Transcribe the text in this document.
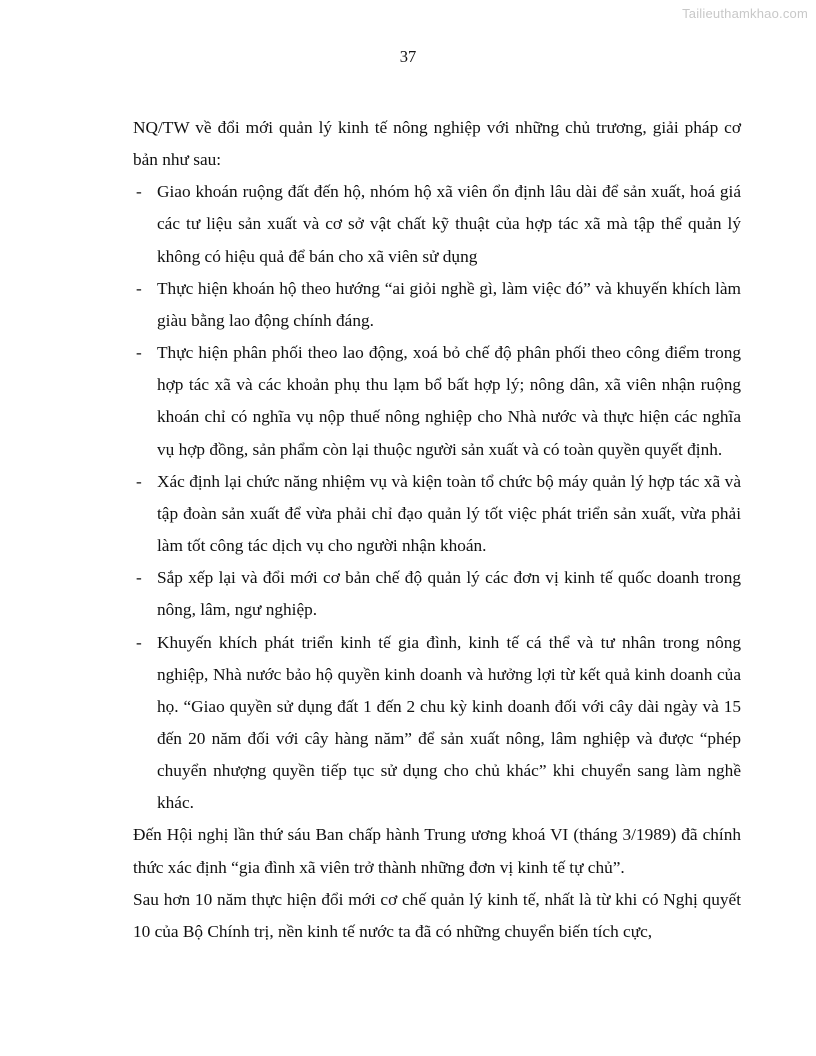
Tailieuthamkhao.com
37

NQ/TW về đổi mới quản lý kinh tế nông nghiệp với những chủ trương, giải pháp cơ bản như sau:

- Giao khoán ruộng đất đến hộ, nhóm hộ xã viên ổn định lâu dài để sản xuất, hoá giá các tư liệu sản xuất và cơ sở vật chất kỹ thuật của hợp tác xã mà tập thể quản lý không có hiệu quả để bán cho xã viên sử dụng
- Thực hiện khoán hộ theo hướng “ai giỏi nghề gì, làm việc đó” và khuyến khích làm giàu bằng lao động chính đáng.
- Thực hiện phân phối theo lao động, xoá bỏ chế độ phân phối theo công điểm trong hợp tác xã và các khoản phụ thu lạm bổ bất hợp lý; nông dân, xã viên nhận ruộng khoán chỉ có nghĩa vụ nộp thuế nông nghiệp cho Nhà nước và thực hiện các nghĩa vụ hợp đồng, sản phẩm còn lại thuộc người sản xuất và có toàn quyền quyết định.
- Xác định lại chức năng nhiệm vụ và kiện toàn tổ chức bộ máy quản lý hợp tác xã và tập đoàn sản xuất để vừa phải chỉ đạo quản lý tốt việc phát triển sản xuất, vừa phải làm tốt công tác dịch vụ cho người nhận khoán.
- Sắp xếp lại và đổi mới cơ bản chế độ quản lý các đơn vị kinh tế quốc doanh trong nông, lâm, ngư nghiệp.
- Khuyến khích phát triển kinh tế gia đình, kinh tế cá thể và tư nhân trong nông nghiệp, Nhà nước bảo hộ quyền kinh doanh và hưởng lợi từ kết quả kinh doanh của họ. “Giao quyền sử dụng đất 1 đến 2 chu kỳ kinh doanh đối với cây dài ngày và 15 đến 20 năm đối với cây hàng năm” để sản xuất nông, lâm nghiệp và được “phép chuyển nhượng quyền tiếp tục sử dụng cho chủ khác” khi chuyển sang làm nghề khác.

Đến Hội nghị lần thứ sáu Ban chấp hành Trung ương khoá VI (tháng 3/1989) đã chính thức xác định “gia đình xã viên trở thành những đơn vị kinh tế tự chủ”.

Sau hơn 10 năm thực hiện đổi mới cơ chế quản lý kinh tế, nhất là từ khi có Nghị quyết 10 của Bộ Chính trị, nền kinh tế nước ta đã có những chuyển biến tích cực,
